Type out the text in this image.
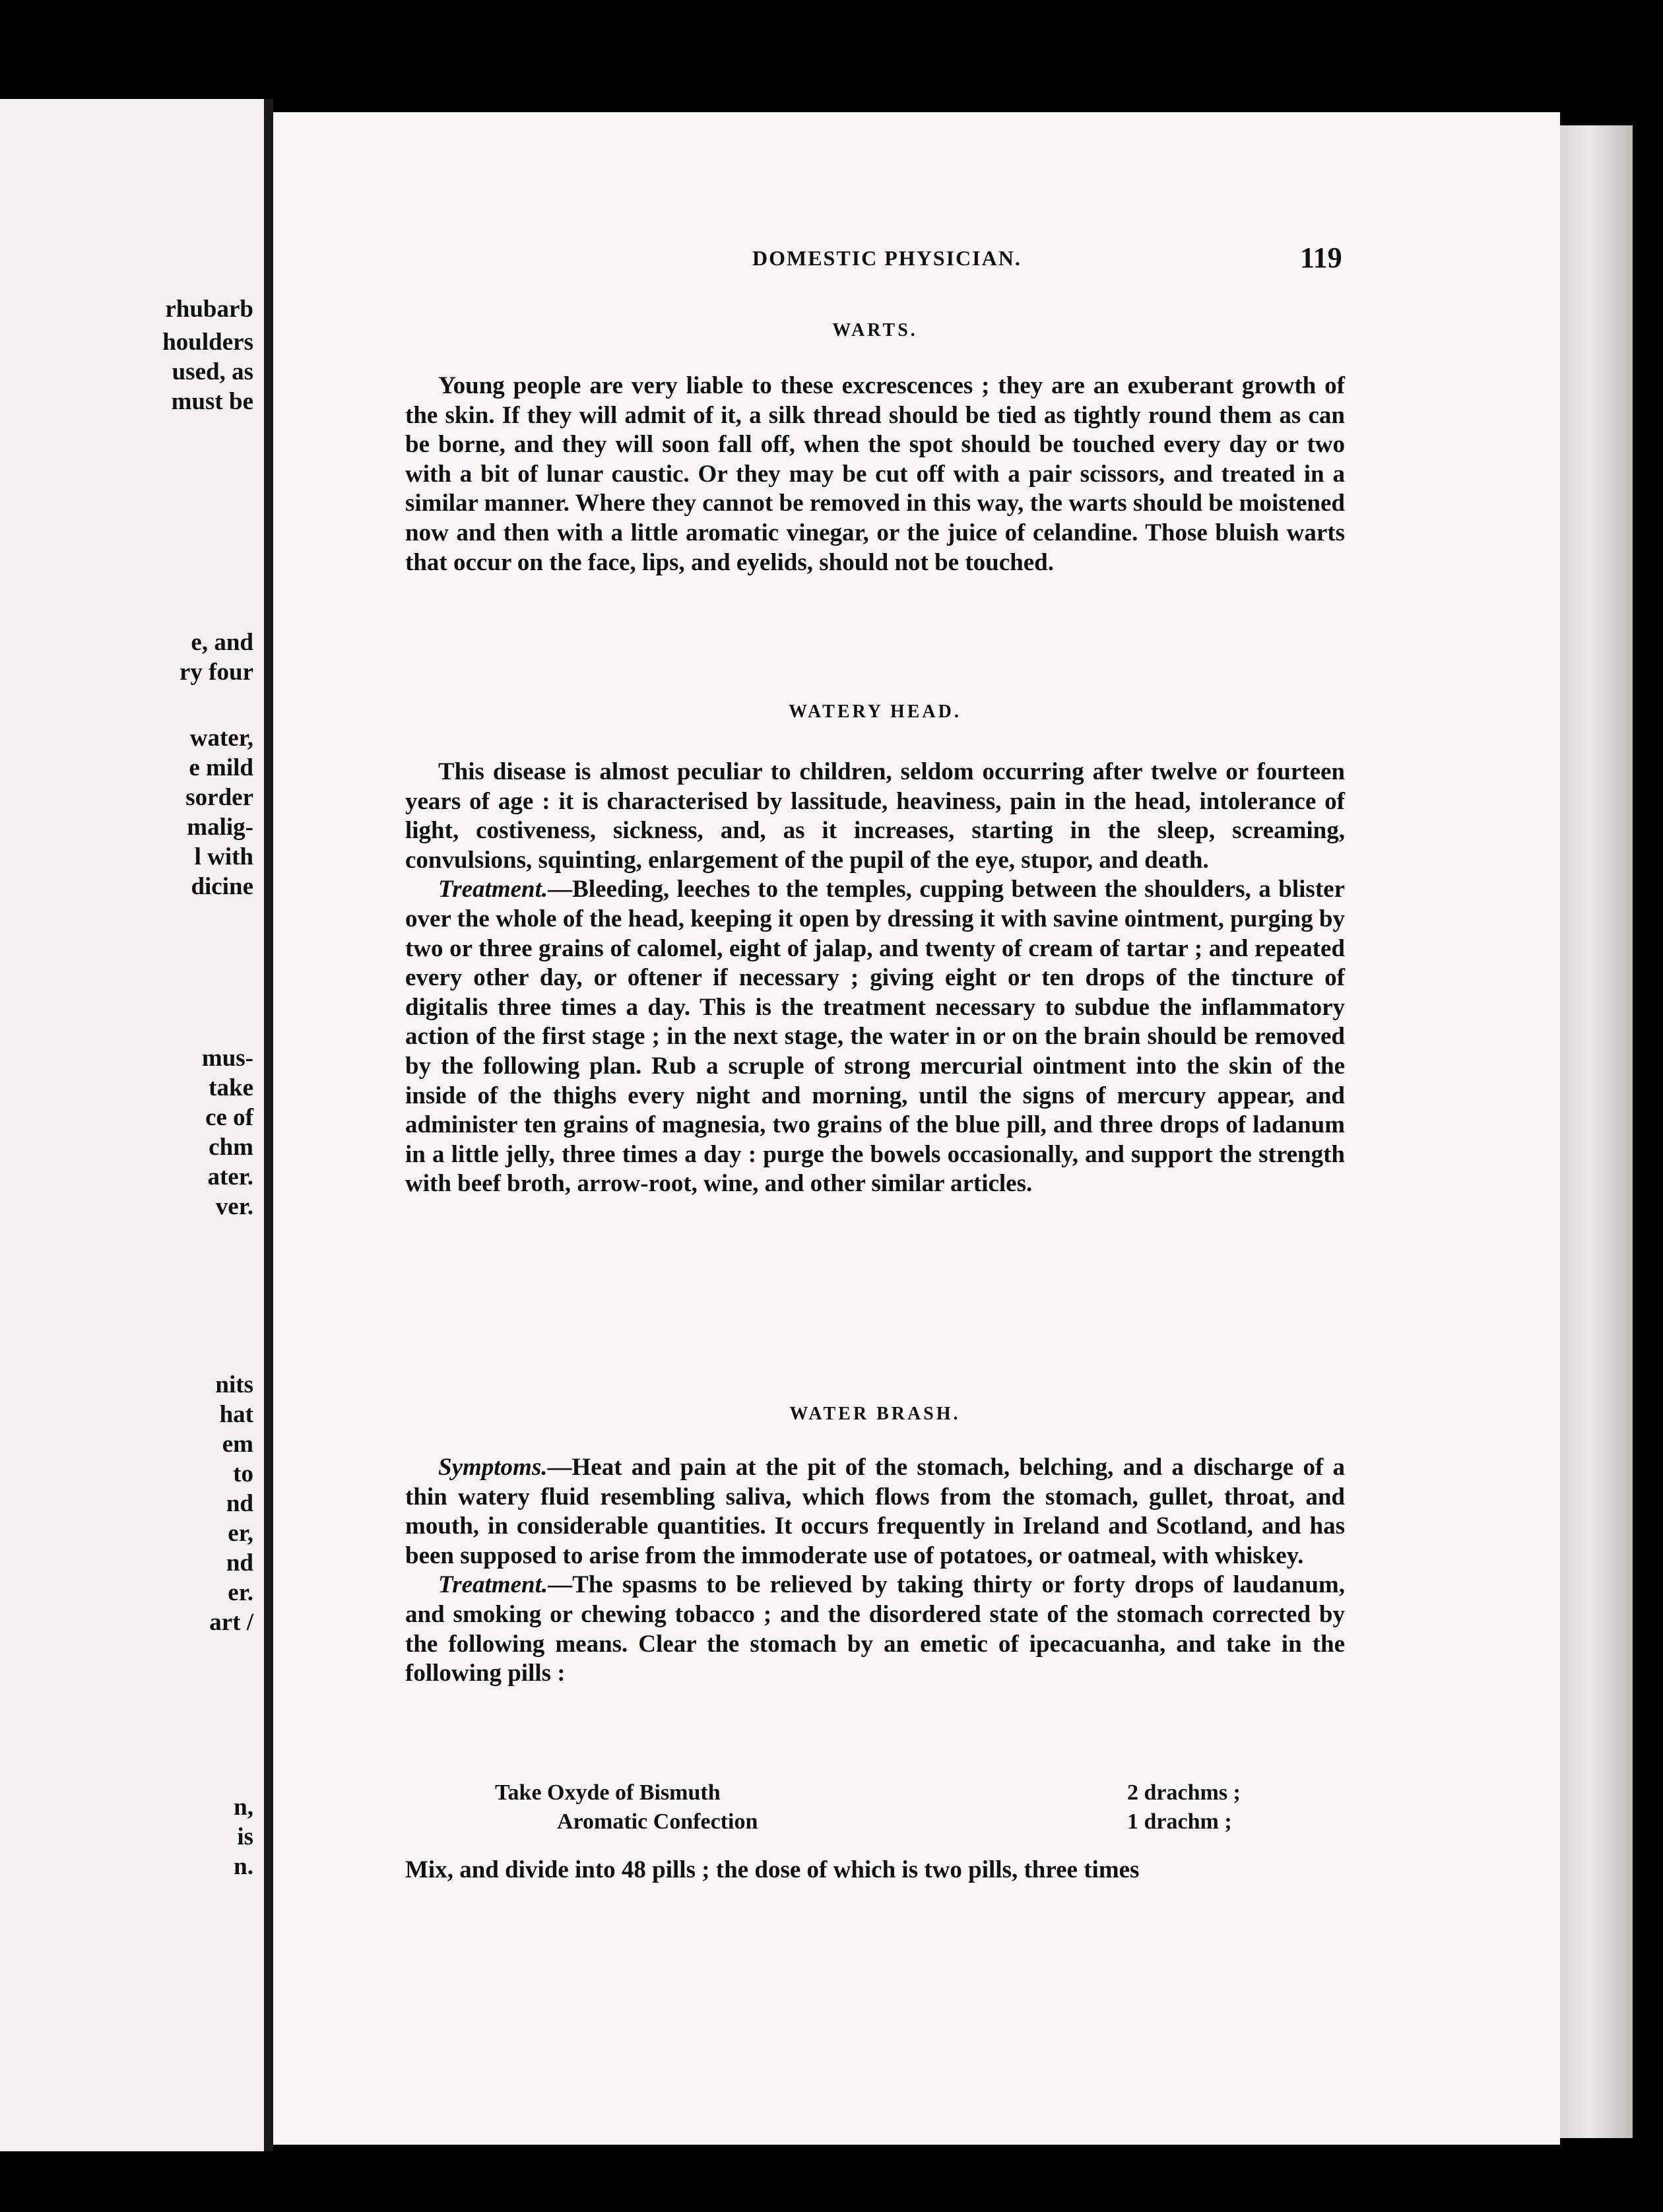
rhubarb
houlders
used, as
must be
e, and
ry four
water,
e mild
sorder
malig-
l with
dicine
mus-
take
ce of
chm
ater.
ver.
nits
hat
em
to
nd
er,
nd
er.
art /
n,
is
n.
DOMESTIC PHYSICIAN.	119
WARTS.

Young people are very liable to these excrescences ; they are an exuberant growth of the skin. If they will admit of it, a silk thread should be tied as tightly round them as can be borne, and they will soon fall off, when the spot should be touched every day or two with a bit of lunar caustic. Or they may be cut off with a pair scissors, and treated in a similar manner. Where they cannot be removed in this way, the warts should be moistened now and then with a little aromatic vinegar, or the juice of celandine. Those bluish warts that occur on the face, lips, and eyelids, should not be touched.

WATERY HEAD.

This disease is almost peculiar to children, seldom occurring after twelve or fourteen years of age : it is characterised by lassitude, heaviness, pain in the head, intolerance of light, costiveness, sickness, and, as it increases, starting in the sleep, screaming, convulsions, squinting, enlargement of the pupil of the eye, stupor, and death.

Treatment.—Bleeding, leeches to the temples, cupping between the shoulders, a blister over the whole of the head, keeping it open by dressing it with savine ointment, purging by two or three grains of calomel, eight of jalap, and twenty of cream of tartar ; and repeated every other day, or oftener if necessary ; giving eight or ten drops of the tincture of digitalis three times a day. This is the treatment necessary to subdue the inflammatory action of the first stage ; in the next stage, the water in or on the brain should be removed by the following plan. Rub a scruple of strong mercurial ointment into the skin of the inside of the thighs every night and morning, until the signs of mercury appear, and administer ten grains of magnesia, two grains of the blue pill, and three drops of ladanum in a little jelly, three times a day : purge the bowels occasionally, and support the strength with beef broth, arrow-root, wine, and other similar articles.

WATER BRASH.

Symptoms.—Heat and pain at the pit of the stomach, belching, and a discharge of a thin watery fluid resembling saliva, which flows from the stomach, gullet, throat, and mouth, in considerable quantities. It occurs frequently in Ireland and Scotland, and has been supposed to arise from the immoderate use of potatoes, or oatmeal, with whiskey.

Treatment.—The spasms to be relieved by taking thirty or forty drops of laudanum, and smoking or chewing tobacco ; and the disordered state of the stomach corrected by the following means. Clear the stomach by an emetic of ipecacuanha, and take in the following pills :

Take Oxyde of Bismuth	2 drachms ;
Aromatic Confection	1 drachm ;
Mix, and divide into 48 pills ; the dose of which is two pills, three times
